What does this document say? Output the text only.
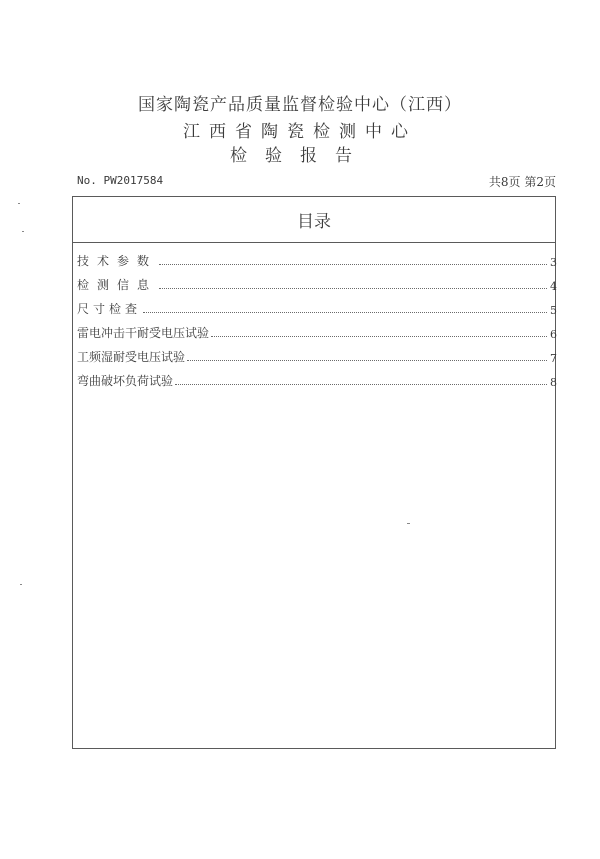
国家陶瓷产品质量监督检验中心（江西）
江西省陶瓷检测中心
检验报告
No. PW2017584	共8页 第2页
目录
技术参数	3
检测信息	4
尺寸检查	5
雷电冲击干耐受电压试验	6
工频湿耐受电压试验	7
弯曲破坏负荷试验	8
